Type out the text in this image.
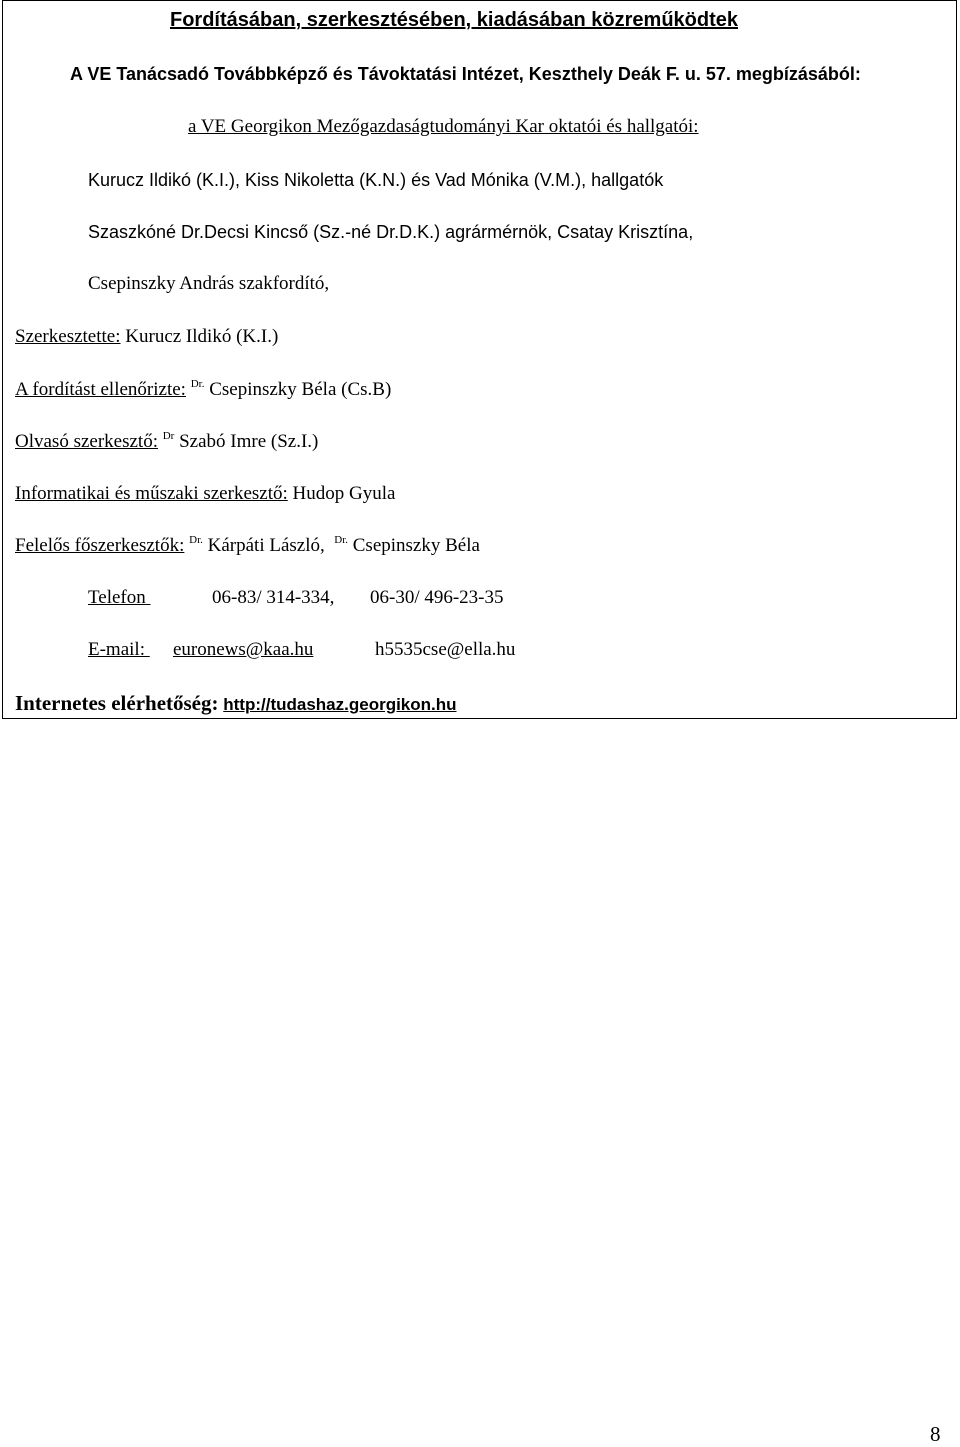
Fordításában, szerkesztésében, kiadásában közreműködtek
A VE Tanácsadó Továbbképző és Távoktatási Intézet, Keszthely Deák F. u. 57. megbízásából:
a VE Georgikon Mezőgazdaságtudományi Kar oktatói és hallgatói:
Kurucz Ildikó (K.I.), Kiss Nikoletta (K.N.) és Vad Mónika (V.M.), hallgatók
Szaszkóné Dr.Decsi Kincső (Sz.-né Dr.D.K.) agrármérnök, Csatay Krisztína,
Csepinszky András szakfordító,
Szerkesztette: Kurucz Ildikó (K.I.)
A fordítást ellenőrizte: $^{Dr.}$ Csepinszky Béla (Cs.B)
Olvasó szerkesztő: $^{Dr}$ Szabó Imre (Sz.I.)
Informatikai és műszaki szerkesztő: Hudop Gyula
Felelős főszerkesztők: $^{Dr.}$ Kárpáti László, $^{Dr.}$ Csepinszky Béla
Telefon	06-83/ 314-334, 06-30/ 496-23-35
E-mail: euronews@kaa.hu	h5535cse@ella.hu
Internetes elérhetőség: http://tudashaz.georgikon.hu
8
